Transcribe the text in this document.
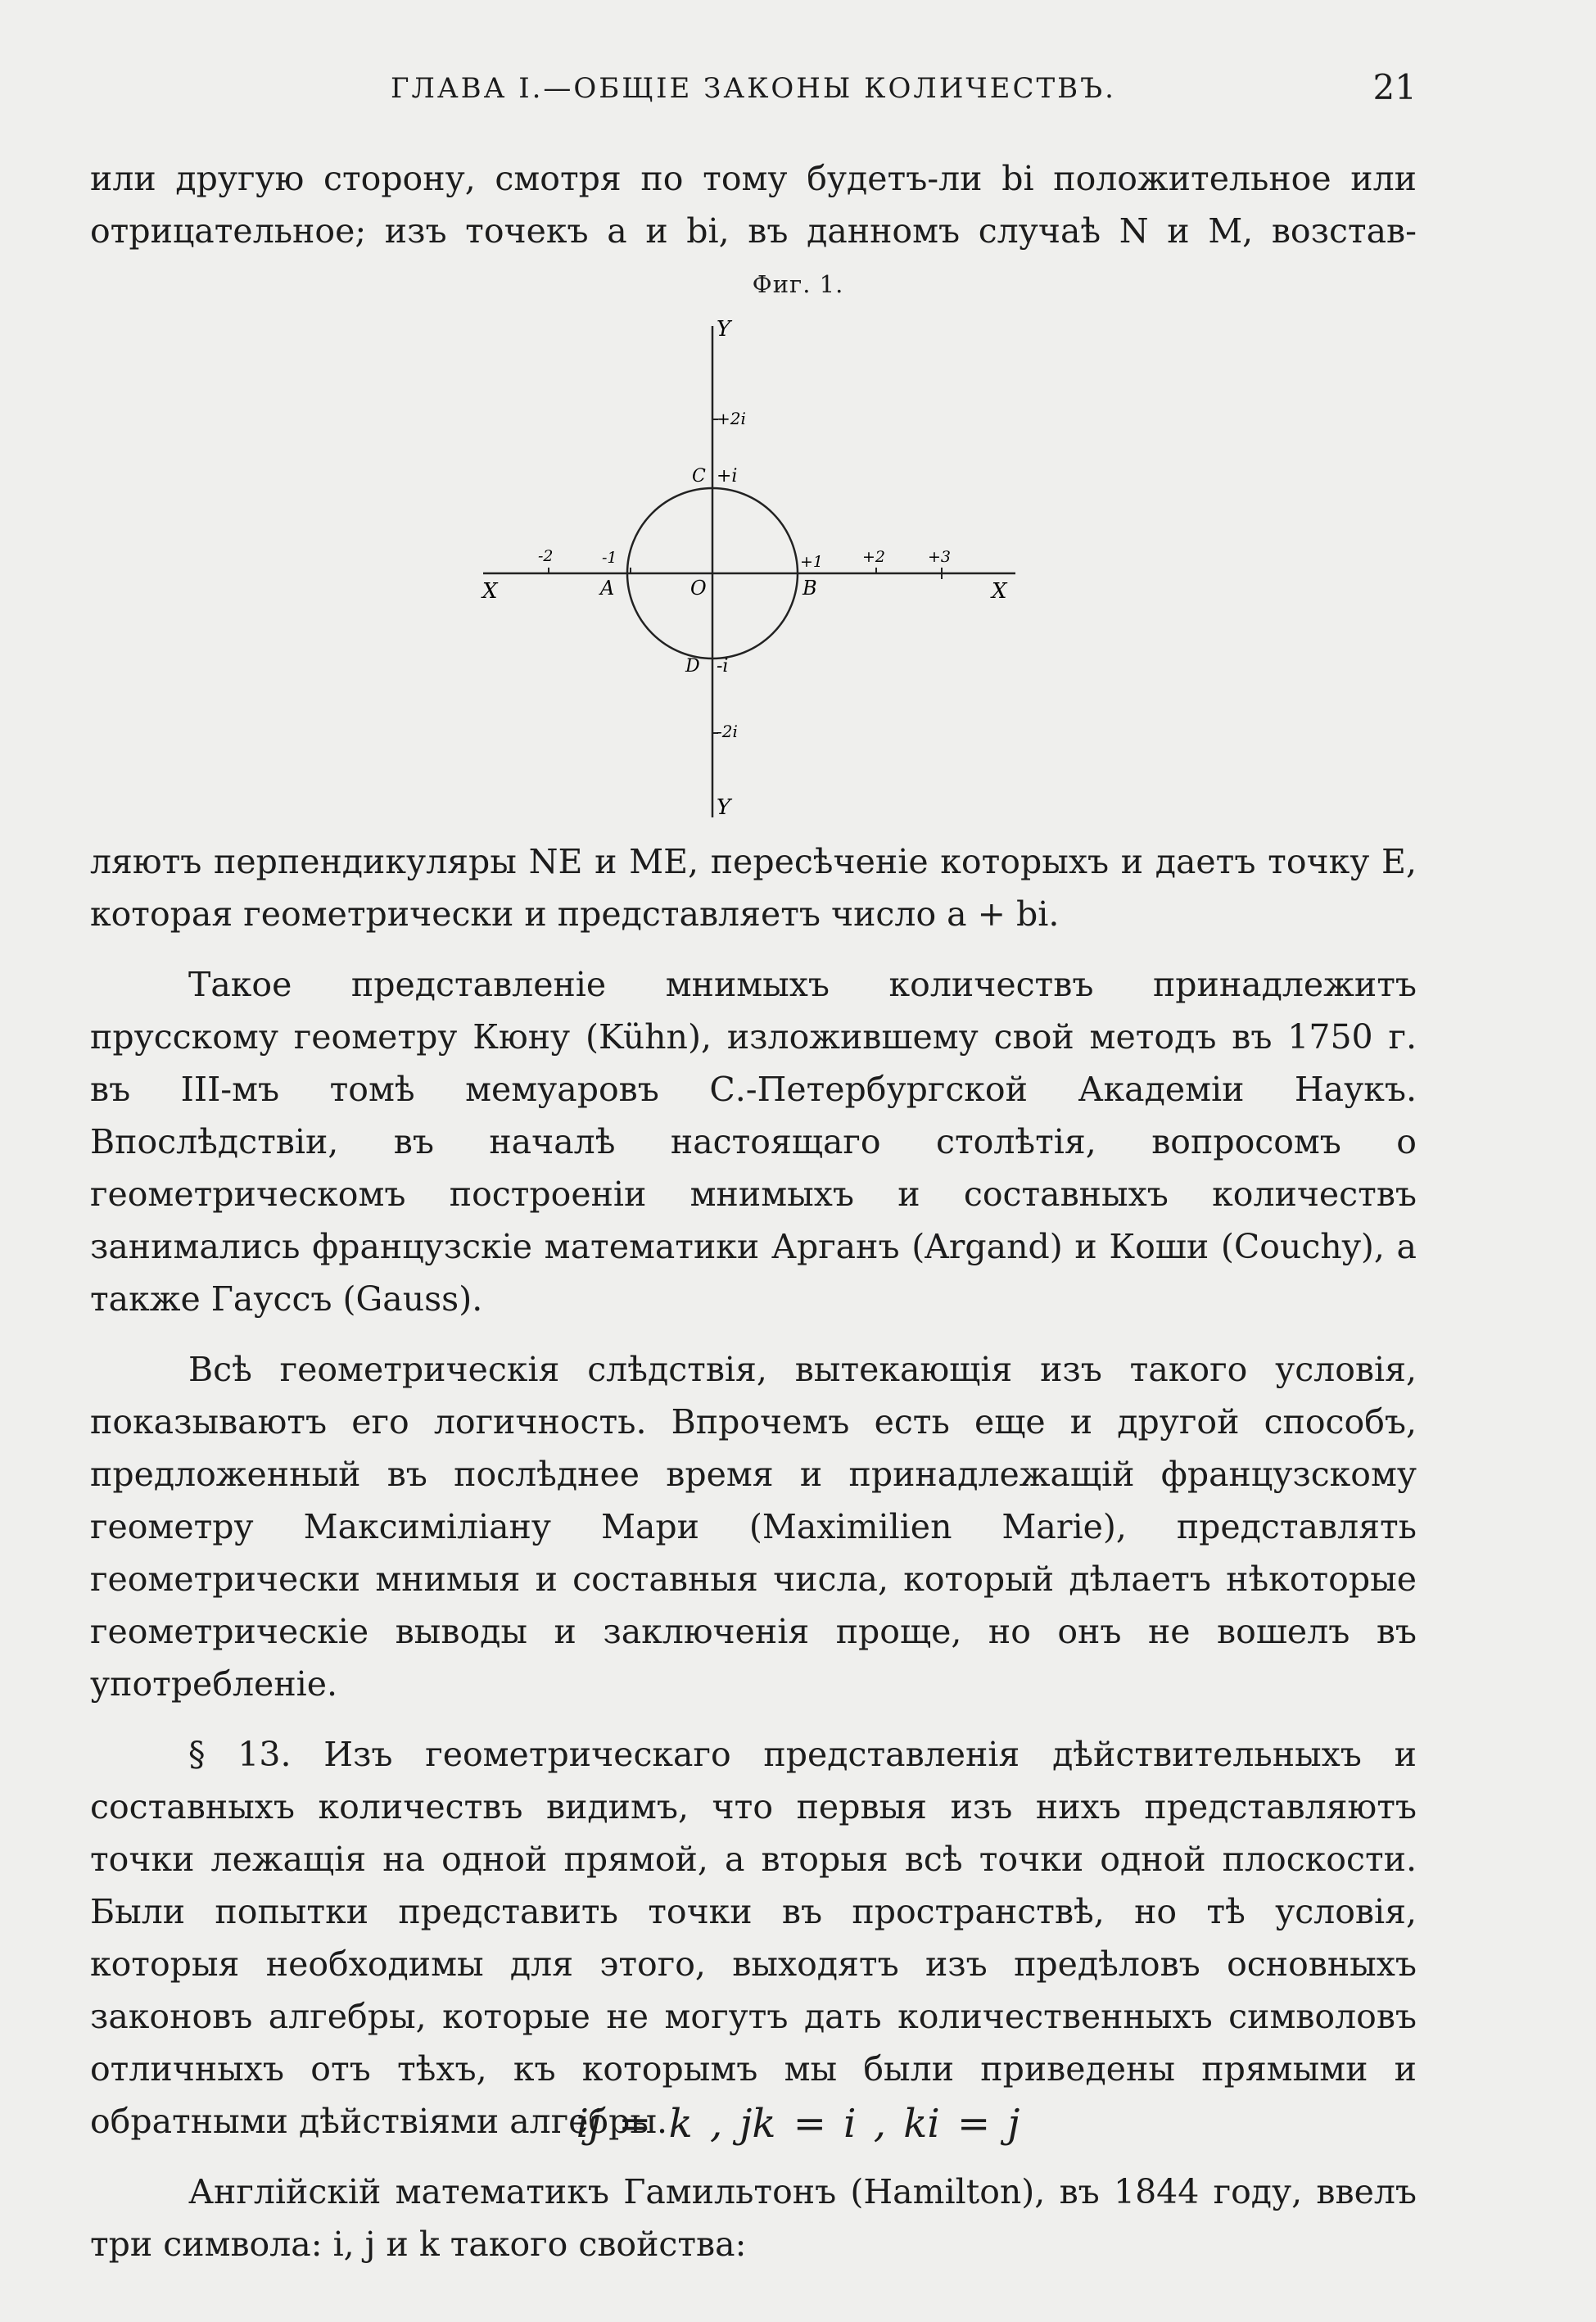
ГЛАВА I.—ОБЩІЕ ЗАКОНЫ КОЛИЧЕСТВЪ.	21

или другую сторону, смотря по тому будетъ-ли bi положительное или

отрицательное; изъ точекъ a и bi, въ данномъ случаѣ N и M, возстав-

Фиг. 1.
Y
Y
X	X
+2i
+i
-i
-2i
-2	-1	+1	+2	+3
A	B
C
D
O

ляютъ перпендикуляры NE и ME, пересѣченіе которыхъ и даетъ точку E, которая геометрически и представляетъ число a + bi.

Такое представленіе мнимыхъ количествъ принадлежитъ прусскому геометру Кюну (Kühn), изложившему свой методъ въ 1750 г. въ III-мъ томѣ мемуаровъ С.-Петербургской Академіи Наукъ. Впослѣдствіи, въ началѣ настоящаго столѣтія, вопросомъ о геометрическомъ построеніи мнимыхъ и составныхъ количествъ занимались французскіе математики Арганъ (Argand) и Коши (Couchy), а также Гауссъ (Gauss).

Всѣ геометрическія слѣдствія, вытекающія изъ такого условія, показываютъ его логичность. Впрочемъ есть еще и другой способъ, предложенный въ послѣднее время и принадлежащій французскому геометру Максиміліану Мари (Maximilien Marie), представлять геометрически мнимыя и составныя числа, который дѣлаетъ нѣкоторые геометрическіе выводы и заключенія проще, но онъ не вошелъ въ употребленіе.

§ 13. Изъ геометрическаго представленія дѣйствительныхъ и составныхъ количествъ видимъ, что первыя изъ нихъ представляютъ точки лежащія на одной прямой, а вторыя всѣ точки одной плоскости. Были попытки представить точки въ пространствѣ, но тѣ условія, которыя необходимы для этого, выходятъ изъ предѣловъ основныхъ законовъ алгебры, которые не могутъ дать количественныхъ символовъ отличныхъ отъ тѣхъ, къ которымъ мы были приведены прямыми и обратными дѣйствіями алгебры.

Англійскій математикъ Гамильтонъ (Hamilton), въ 1844 году, ввелъ три символа: i, j и k такого свойства:

ij = k , jk = i , ki = j
